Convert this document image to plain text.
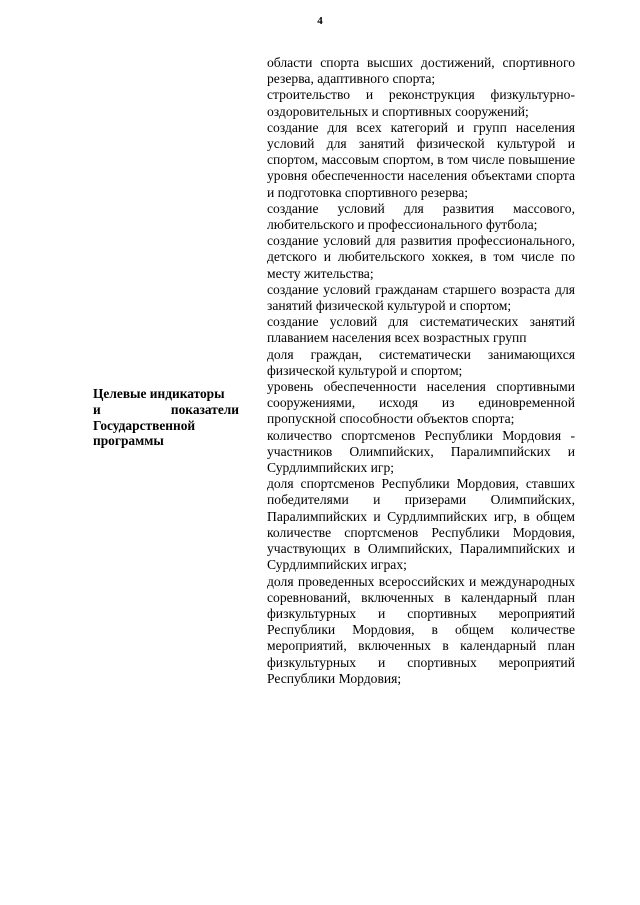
4
Целевые индикаторы
и	показатели
Государственной
программы

области спорта высших достижений, спортивного резерва, адаптивного спорта;

строительство и реконструкция физкультурно-оздоровительных и спортивных сооружений;

создание для всех категорий и групп населения условий для занятий физической культурой и спортом, массовым спортом, в том числе повышение уровня обеспеченности населения объектами спорта и подготовка спортивного резерва;

создание условий для развития массового, любительского и профессионального футбола;

создание условий для развития профессионального, детского и любительского хоккея, в том числе по месту жительства;

создание условий гражданам старшего возраста для занятий физической культурой и спортом;

создание условий для систематических занятий плаванием населения всех возрастных групп

доля граждан, систематически занимающихся физической культурой и спортом;

уровень обеспеченности населения спортивными сооружениями, исходя из единовременной пропускной способности объектов спорта;

количество спортсменов Республики Мордовия - участников Олимпийских, Паралимпийских и Сурдлимпийских игр;

доля спортсменов Республики Мордовия, ставших победителями и призерами Олимпийских, Паралимпийских и Сурдлимпийских игр, в общем количестве спортсменов Республики Мордовия, участвующих в Олимпийских, Паралимпийских и Сурдлимпийских играх;

доля проведенных всероссийских и международных соревнований, включенных в календарный план физкультурных и спортивных мероприятий Республики Мордовия, в общем количестве мероприятий, включенных в календарный план физкультурных и спортивных мероприятий Республики Мордовия;
